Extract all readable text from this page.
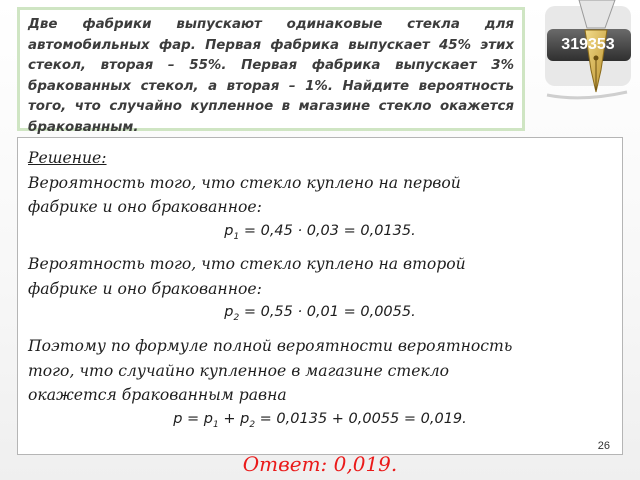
Две фабрики выпускают одинаковые стекла для автомобильных фар. Первая фабрика выпускает 45% этих стекол, вторая – 55%. Первая фабрика выпускает 3% бракованных стекол, а вторая – 1%. Найдите вероятность того, что случайно купленное в магазине стекло окажется бракованным.

319353
Решение:
Вероятность того, что стекло куплено на первой
фабрике и оно бракованное:
$p_1 = 0,45 \cdot 0,03 = 0,0135$.
Вероятность того, что стекло куплено на второй
фабрике и оно бракованное:
$p_2 = 0,55 \cdot 0,01 = 0,0055$.
Поэтому по формуле полной вероятности вероятность
того, что случайно купленное в магазине стекло
окажется бракованным равна
$p = p_1 + p_2 = 0,0135 + 0,0055 = 0,019$.
26
Ответ: 0,019.
